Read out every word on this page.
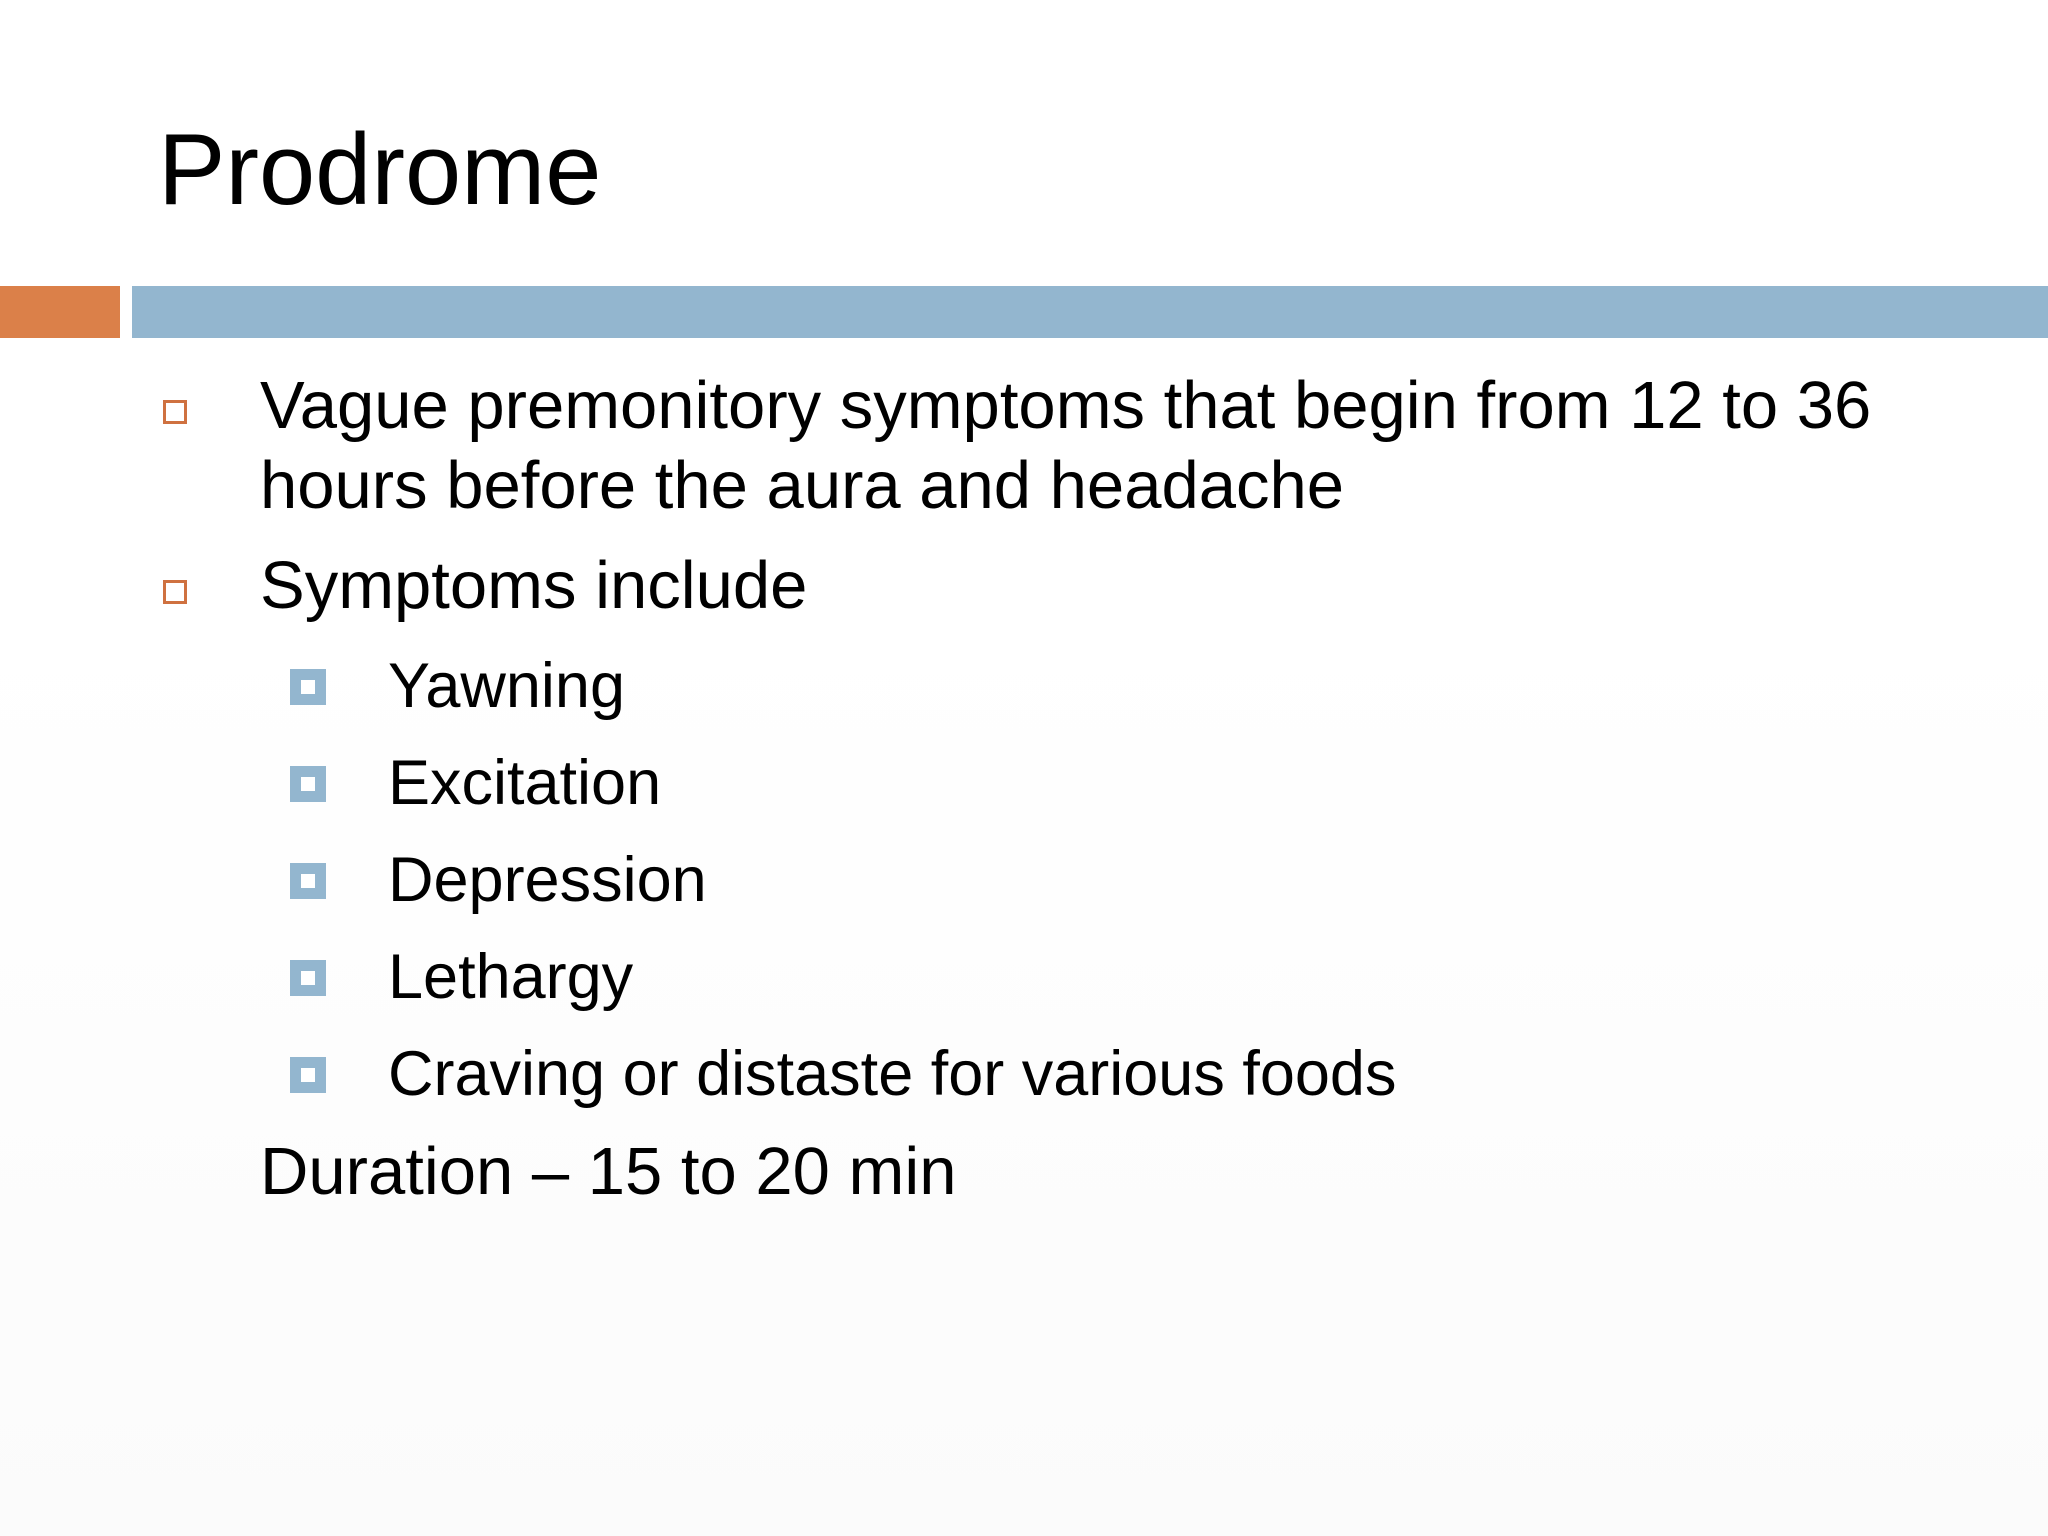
Prodrome
Vague premonitory symptoms that begin from 12 to 36
hours before the aura and headache
Symptoms include
Yawning
Excitation
Depression
Lethargy
Craving or distaste for various foods
Duration – 15 to 20 min
